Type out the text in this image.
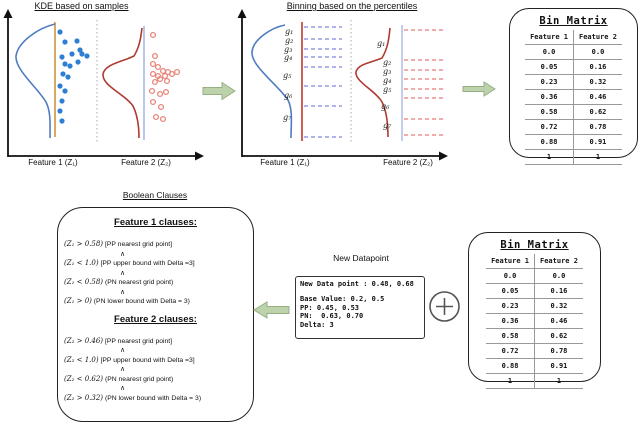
KDE based on samples
Feature 1 (Z₁)	Feature 2 (Z₂)
Binning based on the percentiles
g₁
g₂
g₃
g₄
g₅
g₆
g₇
g₁
g₂
g₃
g₄
g₅
g₆
g₇
Feature 1 (Z₁)	Feature 2 (Z₂)
Bin Matrix
Feature 1	Feature 2
0.0	0.0
0.05	0.16
0.23	0.32
0.36	0.46
0.58	0.62
0.72	0.78
0.88	0.91
1	1
Boolean Clauses
Feature 1 clauses:
(Z₁ > 0.58) [PP nearest grid point]
∧
(Z₁ < 1.0) [PP upper bound with Delta =3]
∧
(Z₁ < 0.58) (PN nearest grid point)
∧
(Z₁ > 0) (PN lower bound with Delta = 3)
Feature 2 clauses:
(Z₂ > 0.46) [PP nearest grid point]
∧
(Z₂ < 1.0) [PP upper bound with Delta =3]
∧
(Z₂ < 0.62) (PN nearest grid point)
∧
(Z₂ > 0.32) (PN lower bound with Delta = 3)
New Datapoint
New Data point : 0.48, 0.68
Base Value: 0.2, 0.5
PP: 0.45, 0.53
PN:  0.63, 0.70
Delta: 3
Bin Matrix
Feature 1	Feature 2
0.0	0.0
0.05	0.16
0.23	0.32
0.36	0.46
0.58	0.62
0.72	0.78
0.88	0.91
1	1
